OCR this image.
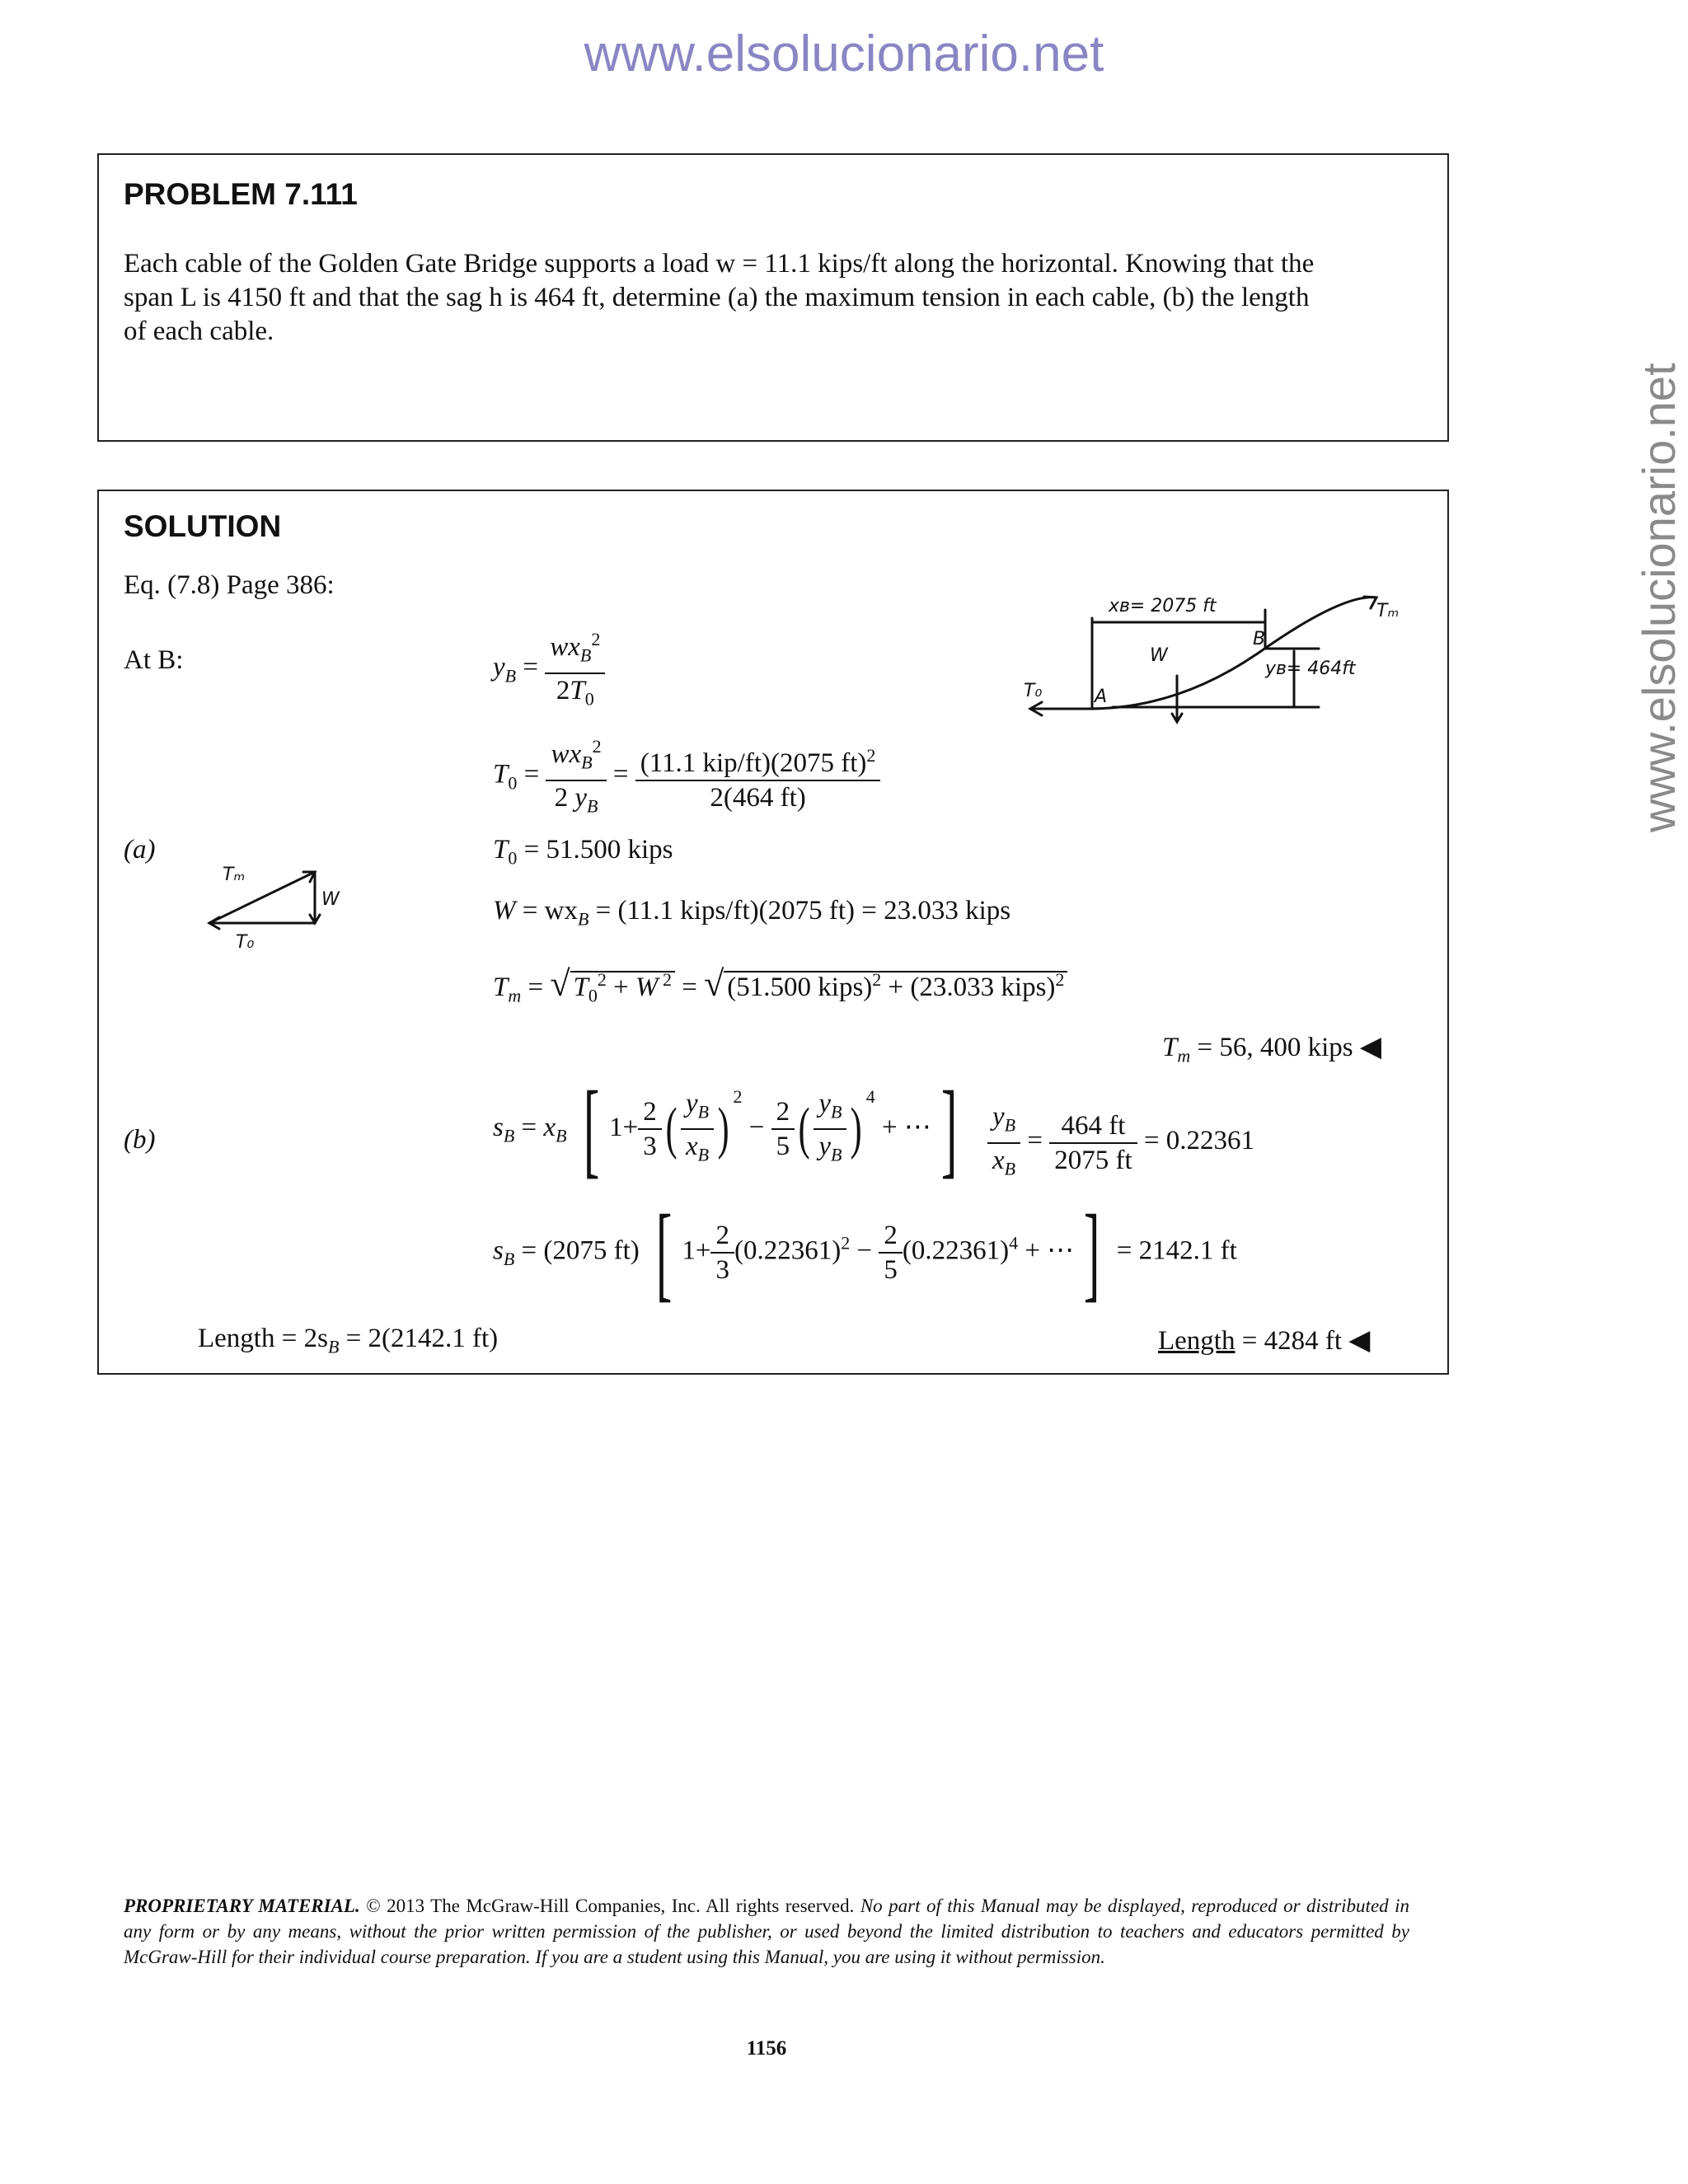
www.elsolucionario.net
www.elsolucionario.net
PROBLEM 7.111
Each cable of the Golden Gate Bridge supports a load w = 11.1 kips/ft along the horizontal. Knowing that the
span L is 4150 ft and that the sag h is 464 ft, determine (a) the maximum tension in each cable, (b) the length
of each cable.
SOLUTION
Eq. (7.8) Page 386:
At B:	$y_B = \frac{wx_B^2}{2T_0}$
$T_0 = \frac{wx_B^2}{2 y_B} = \frac{(11.1 kip/ft)(2075 ft)^2}{2(464 ft)}$
(a)	$T_0 = 51.500$ kips
$W = wx_B = (11.1$ kips/ft)(2075 ft) = 23.033 kips
$T_m$ = √ $T_0^2 + W$ $^2$ = √ (51.500 kips)$^2$ + (23.033 kips)$^2$
$T_m = 56$, 400 kips ◀
(b)	$s_B = x_B$ [ $1+ \frac{2}{3}$ ( $\frac{y_B}{x_B} )^2 - \frac{2}{5}$ ( $\frac{y_B}{y_B} )^4$ + ⋯]	$\frac{y_B}{x_B} = \frac{464 ft}{2075 ft} = 0.22361$
$s_B = (2075$ ft) [ $1+ \frac{2}{3} (0.22361)^2 - \frac{2}{5} (0.22361)^4$ + ⋯] = 2142.1 ft
Length = $2s_B = 2(2142.1$ ft)	Length = 4284 ft ◀
xʙ= 2075 ft	Tₘ
B
W
yʙ= 464ft
T₀	A
Tₘ
W
T₀
PROPRIETARY MATERIAL. © 2013 The McGraw-Hill Companies, Inc. All rights reserved. No part of this Manual may be displayed, reproduced or distributed in any form or by any means, without the prior written permission of the publisher, or used beyond the limited distribution to teachers and educators permitted by McGraw-Hill for their individual course preparation. If you are a student using this Manual, you are using it without permission.
1156
